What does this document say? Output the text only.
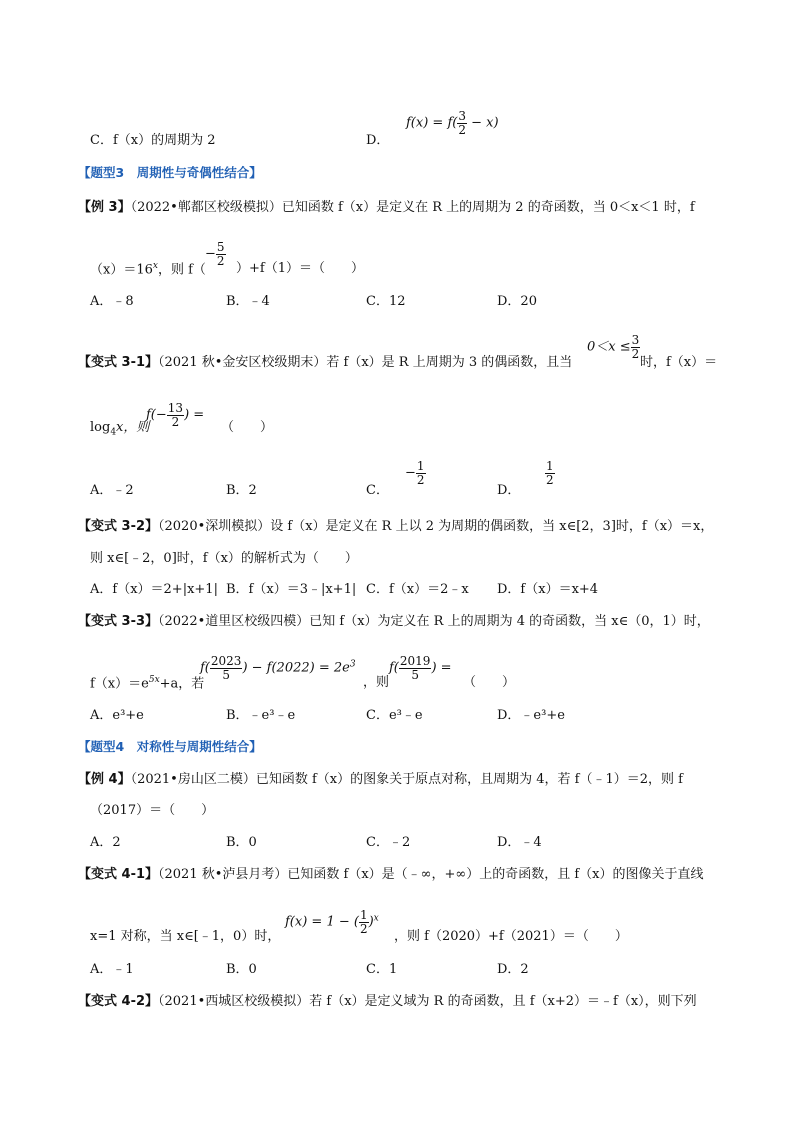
C．f（x）的周期为 2	D．
$f(x) = f( \frac{3}{2} - x)$
【题型3　周期性与奇偶性结合】
【例 3】（2022•郸都区校级模拟）已知函数 f（x）是定义在 R 上的周期为 2 的奇函数，当 0＜x＜1 时，f
$(x)=16^x$，则 f（
− $\frac{5}{2}$
）+f（1）＝（　　）
A．﹣8	B．﹣4	C．12	D．20
【变式 3-1】（2021 秋•金安区校级期末）若 f（x）是 R 上周期为 3 的偶函数，且当
$0<x \le \frac{3}{2}$
时，f（x）＝
$\log_4x$，则
$f(- \frac{13}{2}$ ) =
（　　）
A．﹣2	B．2	C．
− $\frac{1}{2}$
D．
$\frac{1}{2}$
【变式 3-2】（2020•深圳模拟）设 f（x）是定义在 R 上以 2 为周期的偶函数，当 x∈[2，3]时，f（x）＝x，
则 x∈[﹣2，0]时，f（x）的解析式为（　　）
A．f（x）＝2+|x+1| B．f（x）＝3﹣|x+1| C．f（x）＝2﹣x D．f（x）＝x+4
【变式 3-3】（2022•道里区校级四模）已知 f（x）为定义在 R 上的周期为 4 的奇函数，当 x∈（0，1）时，
$f(x)=e^{5x}+a$，若
$f( \frac{2023}{5}$ ) − $f(2022) = 2e^3$
，则
$f( \frac{2019}{5}$ ) =
（　　）
A．e³+e	B．﹣e³﹣e	C．e³﹣e	D．﹣e³+e
【题型4　对称性与周期性结合】
【例 4】（2021•房山区二模）已知函数 f（x）的图象关于原点对称，且周期为 4，若 f（﹣1）＝2，则 f
（2017）＝（　　）
A．2	B．0	C．﹣2	D．﹣4
【变式 4-1】（2021 秋•泸县月考）已知函数 f（x）是（﹣∞，+∞）上的奇函数，且 f（x）的图像关于直线
x=1 对称，当 x∈[﹣1，0）时，
f(x) = 1 − ( $\frac{1}{2} )^x$
，则 f（2020）+f（2021）＝（　　）
A．﹣1	B．0	C．1	D．2
【变式 4-2】（2021•西城区校级模拟）若 f（x）是定义域为 R 的奇函数，且 f（x+2）＝﹣f（x），则下列
